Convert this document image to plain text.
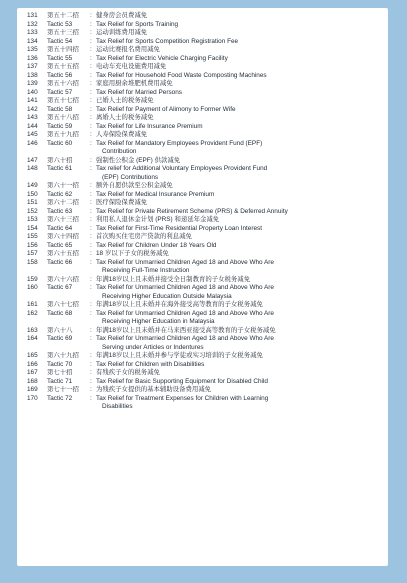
131	第五十二招	: 健身房会员费减免
132	Tactic 53	: Tax Relief for Sports Training
133	第五十三招	: 运动训练费用减免
134	Tactic 54	: Tax Relief for Sports Competition Registration Fee
135	第五十四招	: 运动比赛报名费用减免
136	Tactic 55	: Tax Relief for Electric Vehicle Charging Facility
137	第五十五招	: 电动车充电设施费用减免
138	Tactic 56	: Tax Relief for Household Food Waste Composting Machines
139	第五十六招	: 家庭用厨余堆肥机费用减免
140	Tactic 57	: Tax Relief for Married Persons
141	第五十七招	: 已婚人士的税务减免
142	Tactic 58	: Tax Relief for Payment of Alimony to Former Wife
143	第五十八招	: 离婚人士的税务减免
144	Tactic 59	: Tax Relief for Life Insurance Premium
145	第五十九招	: 人寿保险保费减免
146	Tactic 60	: Tax Relief for Mandatory Employees Provident Fund (EPF)
Contribution
147	第六十招	: 强制性公积金 (EPF) 供款减免
148	Tactic 61	: Tax relief for Additional Voluntary Employees Provident Fund
(EPF) Contributions
149	第六十一招	: 额外自愿供款至公积金减免
150	Tactic 62	: Tax Relief for Medical Insurance Premium
151	第六十二招	: 医疗保险保费减免
152	Tactic 63	: Tax Relief for Private Retirement Scheme (PRS) & Deferred Annuity
153	第六十三招	: 利用私人退休金计划 (PRS) 和递延年金减免
154	Tactic 64	: Tax Relief for First-Time Residential Property Loan Interest
155	第六十四招	: 首次购买住宅房产贷款的利息减免
156	Tactic 65	: Tax Relief for Children Under 18 Years Old
157	第六十五招	: 18 岁以下子女的税务减免
158	Tactic 66	: Tax Relief for Unmarried Children Aged 18 and Above Who Are
Receiving Full-Time Instruction
159	第六十六招	: 年满18岁以上且未婚并接受全日制教育的子女税务减免
160	Tactic 67	: Tax Relief for Unmarried Children Aged 18 and Above Who Are
Receiving Higher Education Outside Malaysia
161	第六十七招	: 年满18岁以上且未婚并在海外接受高等教育的子女税务减免
162	Tactic 68	: Tax Relief for Unmarried Children Aged 18 and Above Who Are
Receiving Higher Education in Malaysia
163	第六十八	: 年满18岁以上且未婚并在马来西亚接受高等教育的子女税务减免
164	Tactic 69	: Tax Relief for Unmarried Children Aged 18 and Above Who Are
Serving under Articles or Indentures
165	第六十九招	: 年满18岁以上且未婚并参与学徒或实习培训的子女税务减免
166	Tactic 70	: Tax Relief for Children with Disabilities
167	第七十招	: 有残疾子女的税务减免
168	Tactic 71	: Tax Relief for Basic Supporting Equipment for Disabled Child
169	第七十一招	: 为残疾子女提供的基本辅助设备费用减免
170	Tactic 72	: Tax Relief for Treatment Expenses for Children with Learning
Disabilities
